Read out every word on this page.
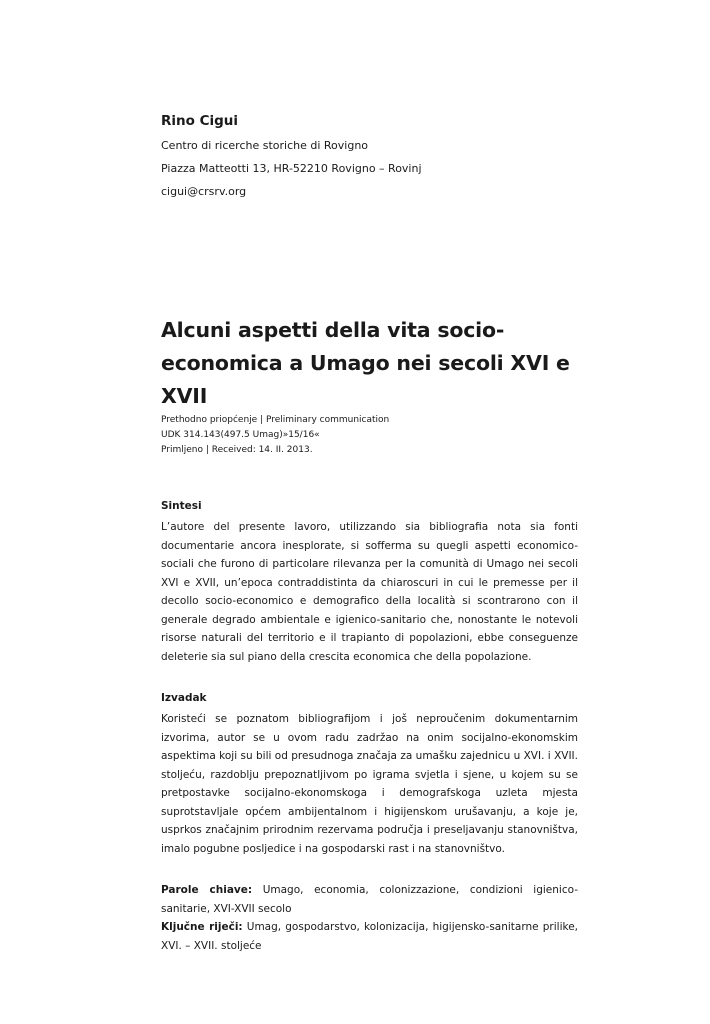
Rino Cigui

Centro di ricerche storiche di Rovigno

Piazza Matteotti 13, HR-52210 Rovigno – Rovinj

cigui@crsrv.org

Alcuni aspetti della vita socio-economica a Umago nei secoli XVI e XVII

Prethodno priopćenje | Preliminary communication

UDK 314.143(497.5 Umag)»15/16«

Primljeno | Received: 14. II. 2013.

Sintesi

L’autore del presente lavoro, utilizzando sia bibliografia nota sia fonti documentarie ancora inesplorate, si sofferma su quegli aspetti economico-sociali che furono di particolare rilevanza per la comunità di Umago nei secoli XVI e XVII, un’epoca contraddistinta da chiaroscuri in cui le premesse per il decollo socio-economico e demografico della località si scontrarono con il generale degrado ambientale e igienico-sanitario che, nonostante le notevoli risorse naturali del territorio e il trapianto di popolazioni, ebbe conseguenze deleterie sia sul piano della crescita economica che della popolazione.

Izvadak

Koristeći se poznatom bibliografijom i još neproučenim dokumentarnim izvorima, autor se u ovom radu zadržao na onim socijalno-ekonomskim aspektima koji su bili od presudnoga značaja za umašku zajednicu u XVI. i XVII. stoljeću, razdoblju prepoznatljivom po igrama svjetla i sjene, u kojem su se pretpostavke socijalno-ekonomskoga i demografskoga uzleta mjesta suprotstavljale općem ambijentalnom i higijenskom urušavanju, a koje je, usprkos značajnim prirodnim rezervama područja i preseljavanju stanovništva, imalo pogubne posljedice i na gospodarski rast i na stanovništvo.

Parole chiave: Umago, economia, colonizzazione, condizioni igienico-sanitarie, XVI-XVII secolo

Ključne riječi: Umag, gospodarstvo, kolonizacija, higijensko-sanitarne prilike, XVI. – XVII. stoljeće
